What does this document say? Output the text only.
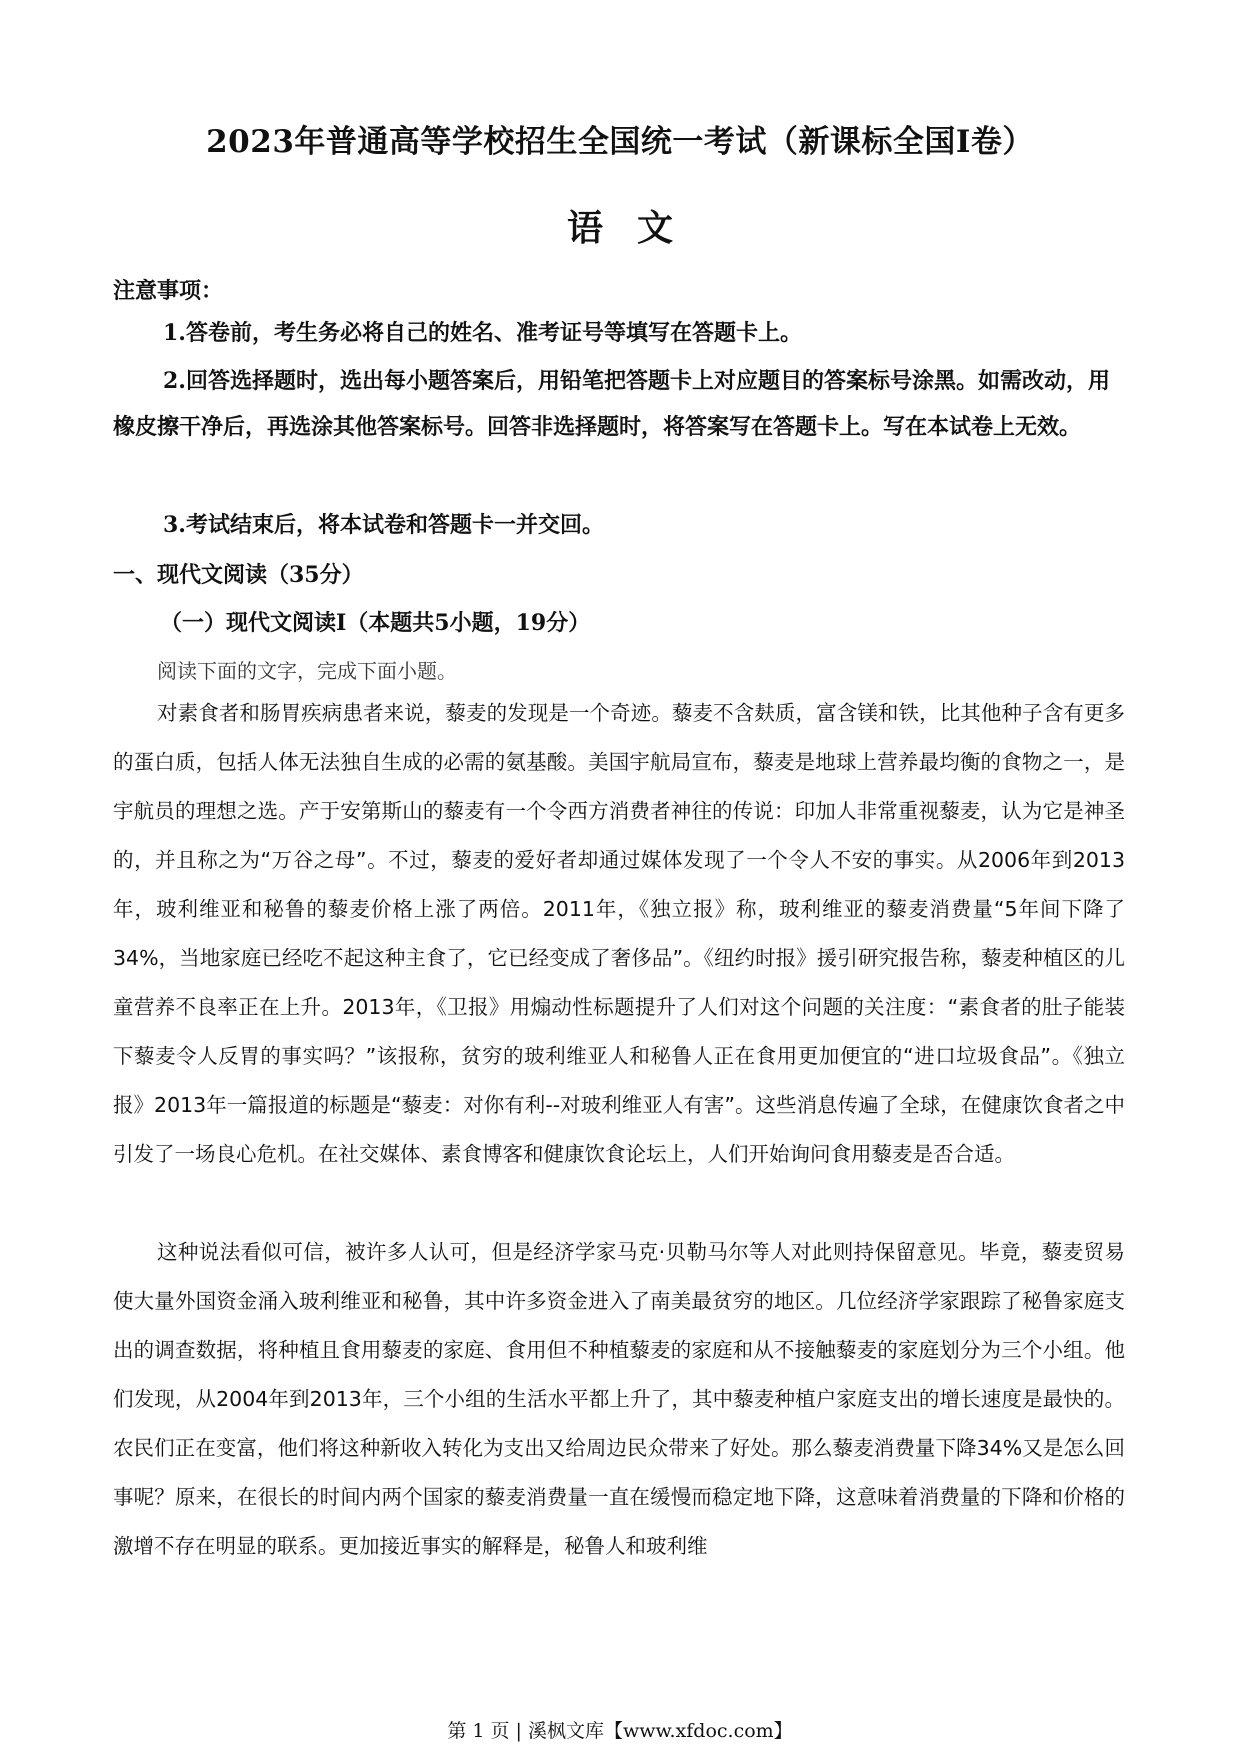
2023年普通高等学校招生全国统一考试（新课标全国Ⅰ卷）
语文
注意事项：
1.答卷前，考生务必将自己的姓名、准考证号等填写在答题卡上。
2.回答选择题时，选出每小题答案后，用铅笔把答题卡上对应题目的答案标号涂黑。如需改动，用橡皮擦干净后，再选涂其他答案标号。回答非选择题时，将答案写在答题卡上。写在本试卷上无效。
3.考试结束后，将本试卷和答题卡一并交回。
一、现代文阅读（35分）
（一）现代文阅读Ⅰ（本题共5小题，19分）
阅读下面的文字，完成下面小题。
对素食者和肠胃疾病患者来说，藜麦的发现是一个奇迹。藜麦不含麸质，富含镁和铁，比其他种子含有更多的蛋白质，包括人体无法独自生成的必需的氨基酸。美国宇航局宣布，藜麦是地球上营养最均衡的食物之一，是宇航员的理想之选。产于安第斯山的藜麦有一个令西方消费者神往的传说：印加人非常重视藜麦，认为它是神圣的，并且称之为“万谷之母”。不过，藜麦的爱好者却通过媒体发现了一个令人不安的事实。从2006年到2013年，玻利维亚和秘鲁的藜麦价格上涨了两倍。2011年，《独立报》称，玻利维亚的藜麦消费量“5年间下降了34%，当地家庭已经吃不起这种主食了，它已经变成了奢侈品”。《纽约时报》援引研究报告称，藜麦种植区的儿童营养不良率正在上升。2013年，《卫报》用煽动性标题提升了人们对这个问题的关注度：“素食者的肚子能装下藜麦令人反胃的事实吗？”该报称，贫穷的玻利维亚人和秘鲁人正在食用更加便宜的“进口垃圾食品”。《独立报》2013年一篇报道的标题是“藜麦：对你有利--对玻利维亚人有害”。这些消息传遍了全球，在健康饮食者之中引发了一场良心危机。在社交媒体、素食博客和健康饮食论坛上，人们开始询问食用藜麦是否合适。
这种说法看似可信，被许多人认可，但是经济学家马克·贝勒马尔等人对此则持保留意见。毕竟，藜麦贸易使大量外国资金涌入玻利维亚和秘鲁，其中许多资金进入了南美最贫穷的地区。几位经济学家跟踪了秘鲁家庭支出的调查数据，将种植且食用藜麦的家庭、食用但不种植藜麦的家庭和从不接触藜麦的家庭划分为三个小组。他们发现，从2004年到2013年，三个小组的生活水平都上升了，其中藜麦种植户家庭支出的增长速度是最快的。农民们正在变富，他们将这种新收入转化为支出又给周边民众带来了好处。那么藜麦消费量下降34%又是怎么回事呢？原来，在很长的时间内两个国家的藜麦消费量一直在缓慢而稳定地下降，这意味着消费量的下降和价格的激增不存在明显的联系。更加接近事实的解释是，秘鲁人和玻利维
第 1 页 | 溪枫文库【www.xfdoc.com】
